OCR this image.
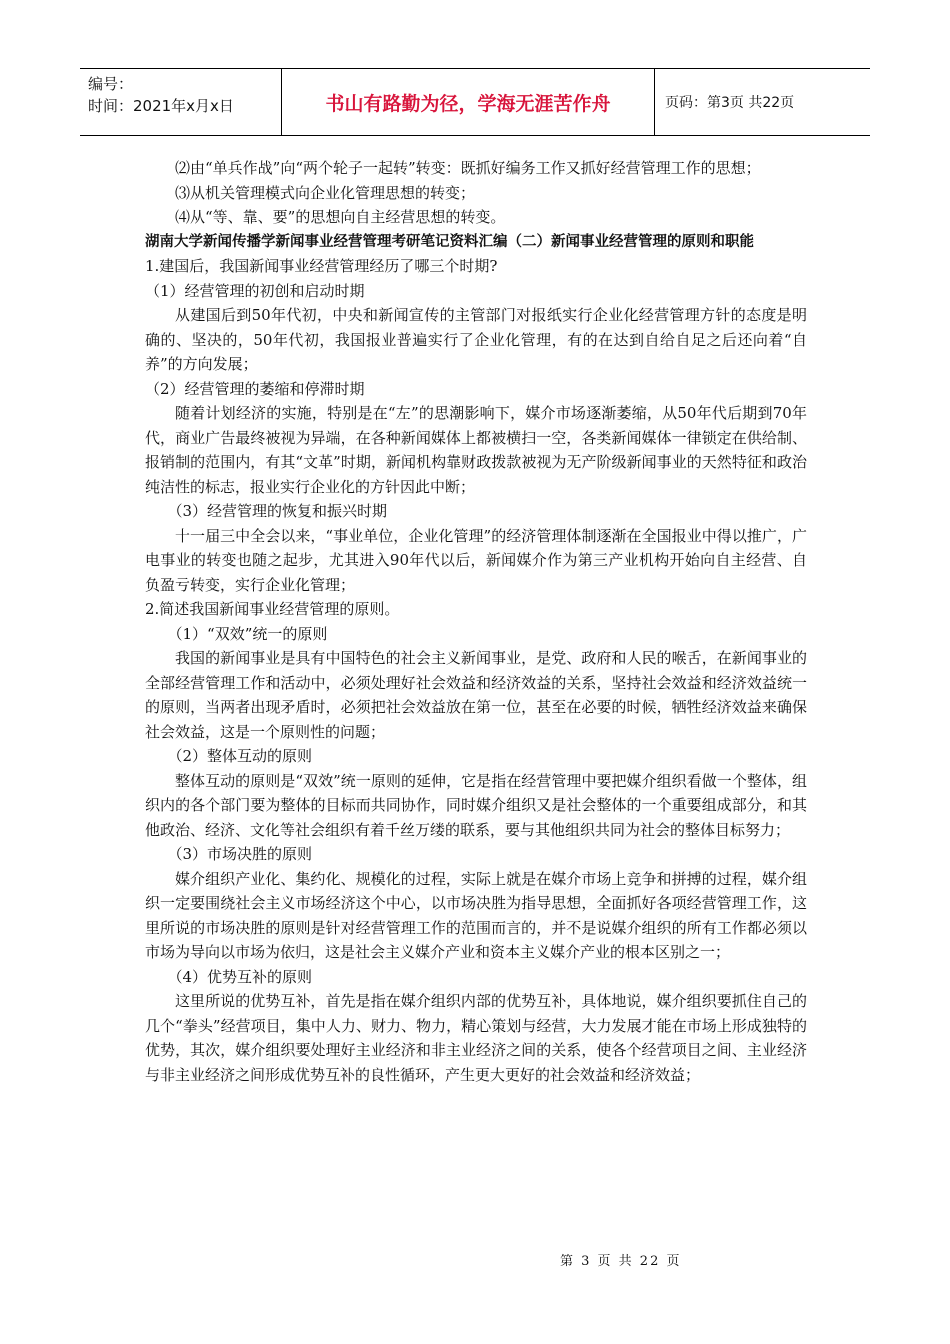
编号：
时间：2021年x月x日	书山有路勤为径，学海无涯苦作舟	页码：第3页 共22页

⑵由“单兵作战”向“两个轮子一起转”转变：既抓好编务工作又抓好经营管理工作的思想；

⑶从机关管理模式向企业化管理思想的转变；

⑷从“等、靠、要”的思想向自主经营思想的转变。

湖南大学新闻传播学新闻事业经营管理考研笔记资料汇编（二）新闻事业经营管理的原则和职能

1.建国后，我国新闻事业经营管理经历了哪三个时期?

（1）经营管理的初创和启动时期

从建国后到50年代初，中央和新闻宣传的主管部门对报纸实行企业化经营管理方针的态度是明确的、坚决的，50年代初，我国报业普遍实行了企业化管理，有的在达到自给自足之后还向着“自养”的方向发展；

（2）经营管理的萎缩和停滞时期

随着计划经济的实施，特别是在“左”的思潮影响下，媒介市场逐渐萎缩，从50年代后期到70年代，商业广告最终被视为异端，在各种新闻媒体上都被横扫一空，各类新闻媒体一律锁定在供给制、报销制的范围内，有其“文革”时期，新闻机构靠财政拨款被视为无产阶级新闻事业的天然特征和政治纯洁性的标志，报业实行企业化的方针因此中断；

（3）经营管理的恢复和振兴时期

十一届三中全会以来，“事业单位，企业化管理”的经济管理体制逐渐在全国报业中得以推广，广电事业的转变也随之起步，尤其进入90年代以后，新闻媒介作为第三产业机构开始向自主经营、自负盈亏转变，实行企业化管理；

2.简述我国新闻事业经营管理的原则。

（1）“双效”统一的原则

我国的新闻事业是具有中国特色的社会主义新闻事业，是党、政府和人民的喉舌，在新闻事业的全部经营管理工作和活动中，必须处理好社会效益和经济效益的关系，坚持社会效益和经济效益统一的原则，当两者出现矛盾时，必须把社会效益放在第一位，甚至在必要的时候，牺牲经济效益来确保社会效益，这是一个原则性的问题；

（2）整体互动的原则

整体互动的原则是“双效”统一原则的延伸，它是指在经营管理中要把媒介组织看做一个整体，组织内的各个部门要为整体的目标而共同协作，同时媒介组织又是社会整体的一个重要组成部分，和其他政治、经济、文化等社会组织有着千丝万缕的联系，要与其他组织共同为社会的整体目标努力；

（3）市场决胜的原则

媒介组织产业化、集约化、规模化的过程，实际上就是在媒介市场上竞争和拼搏的过程，媒介组织一定要围绕社会主义市场经济这个中心，以市场决胜为指导思想，全面抓好各项经营管理工作，这里所说的市场决胜的原则是针对经营管理工作的范围而言的，并不是说媒介组织的所有工作都必须以市场为导向以市场为依归，这是社会主义媒介产业和资本主义媒介产业的根本区别之一；

（4）优势互补的原则

这里所说的优势互补，首先是指在媒介组织内部的优势互补，具体地说，媒介组织要抓住自己的几个“拳头”经营项目，集中人力、财力、物力，精心策划与经营，大力发展才能在市场上形成独特的优势，其次，媒介组织要处理好主业经济和非主业经济之间的关系，使各个经营项目之间、主业经济与非主业经济之间形成优势互补的良性循环，产生更大更好的社会效益和经济效益；

第 3 页 共 22 页
